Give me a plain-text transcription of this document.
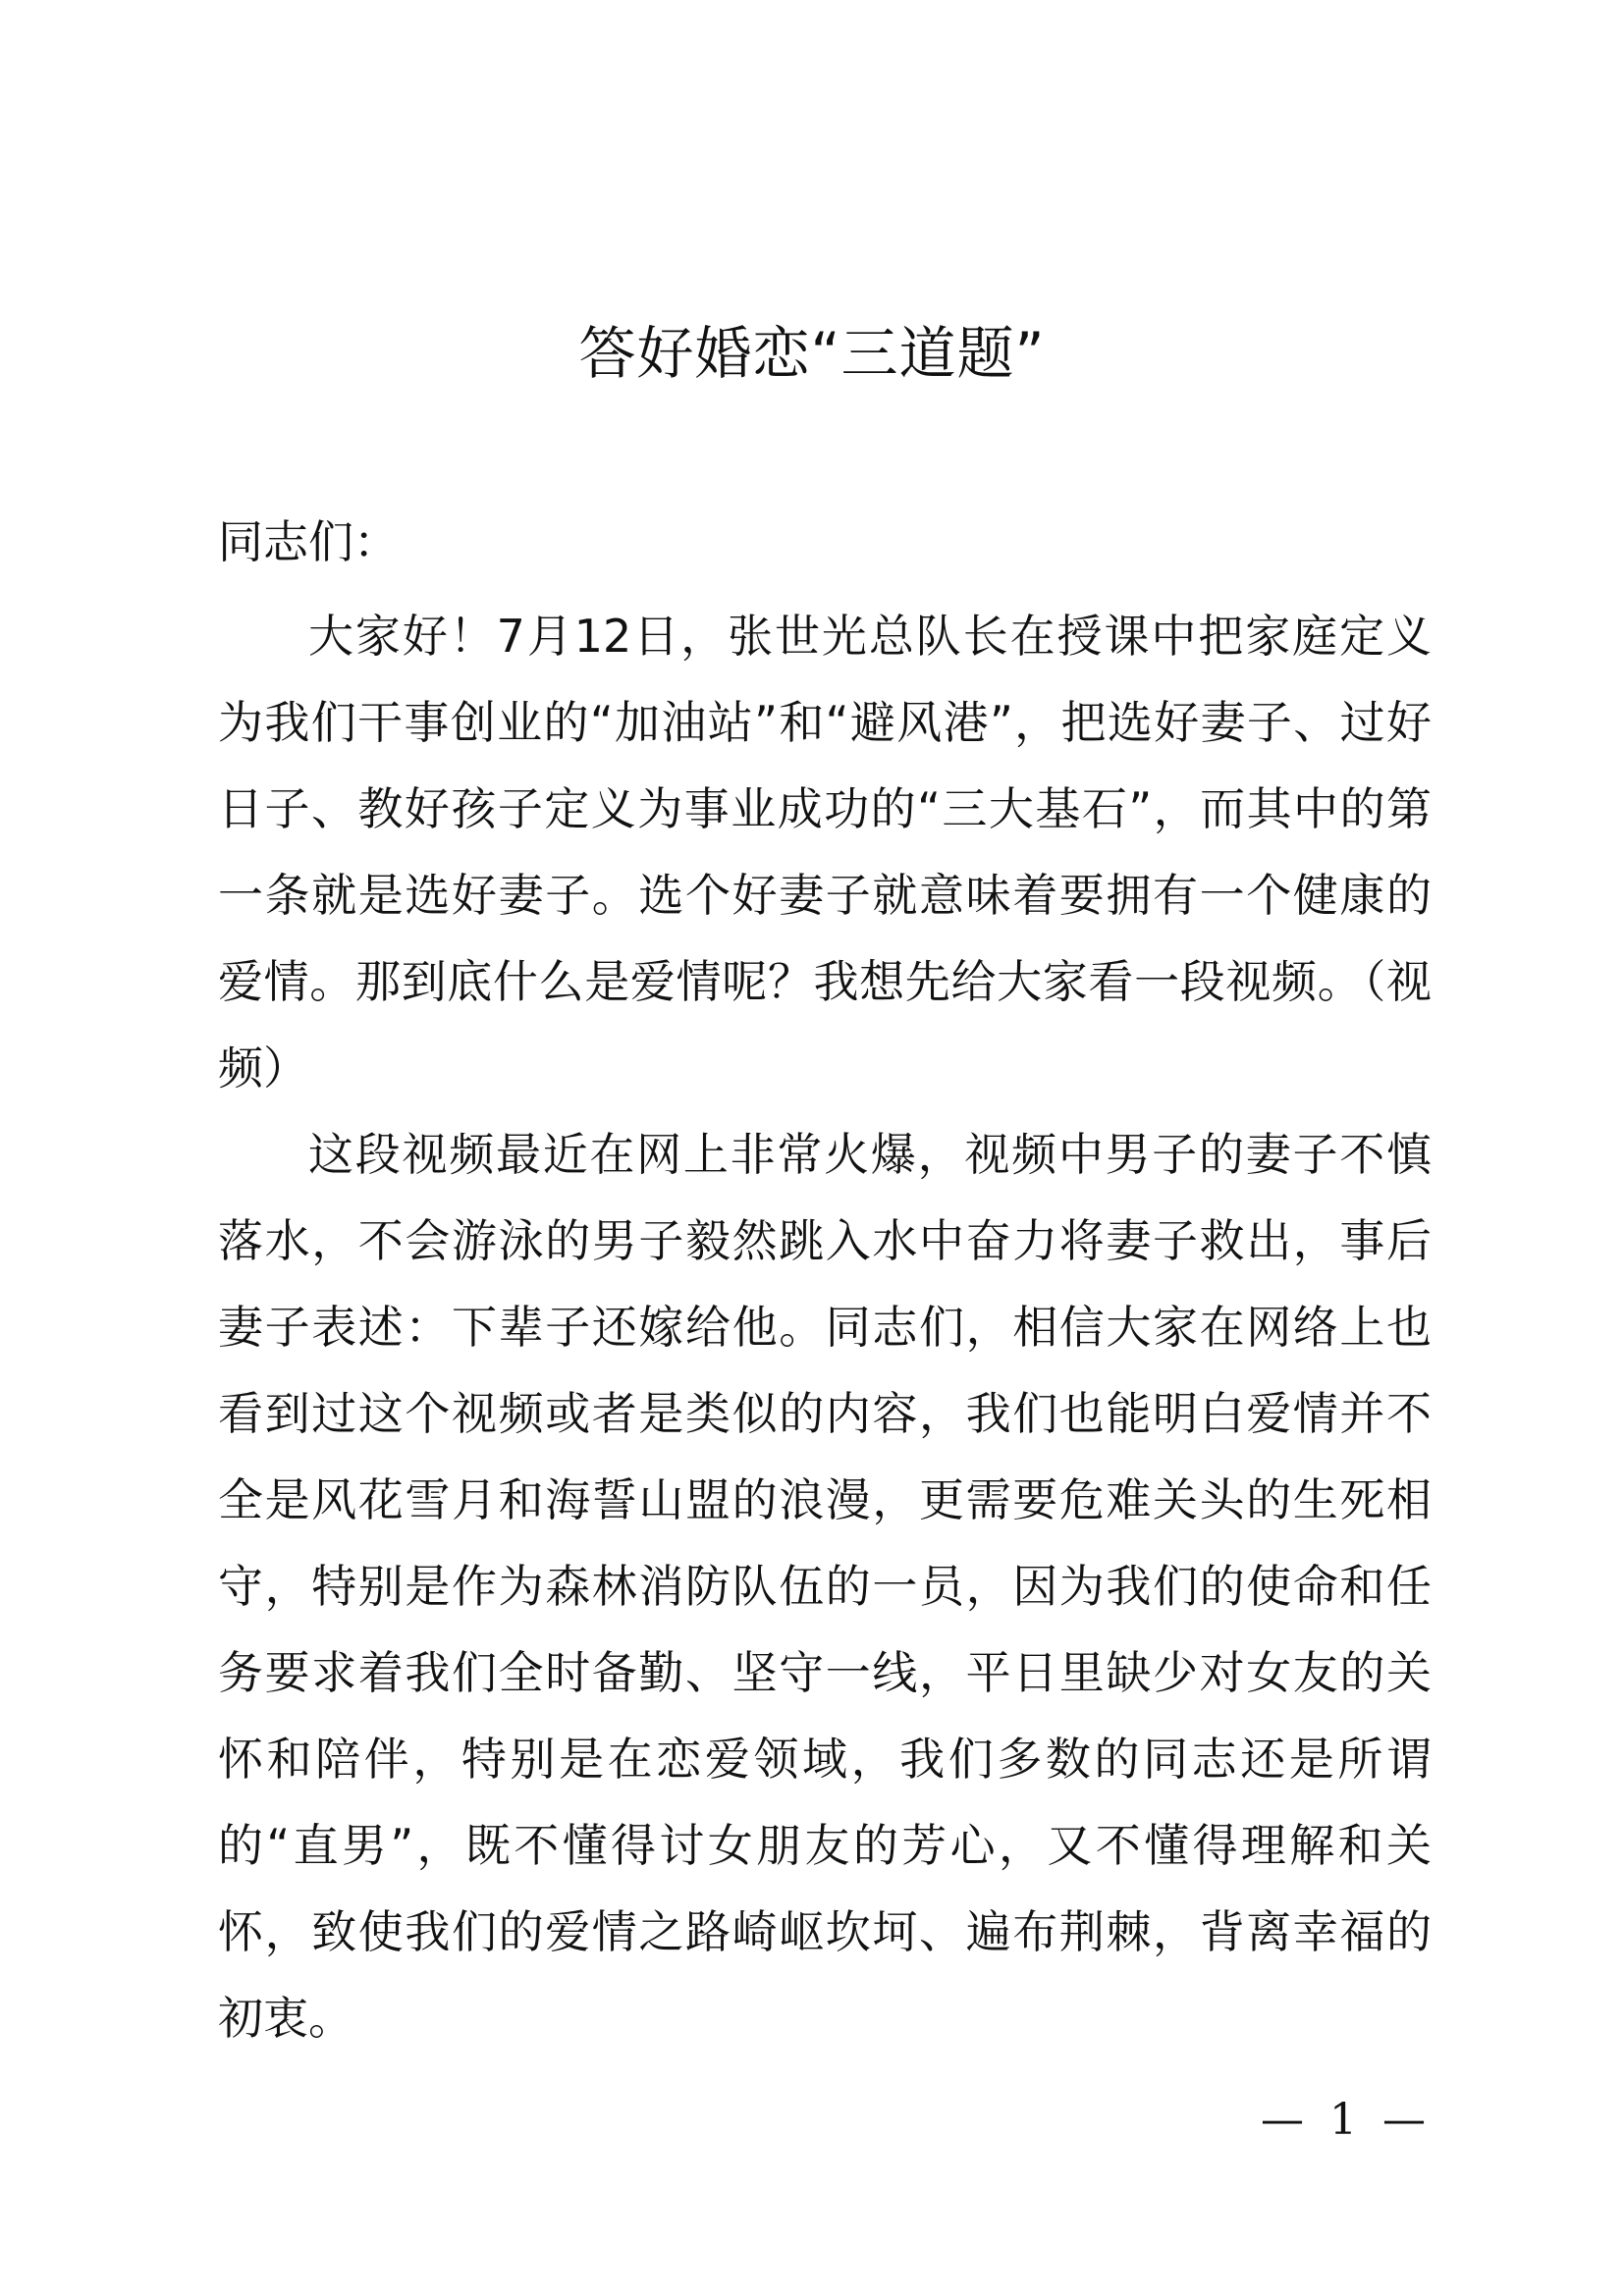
答好婚恋“三道题”

同志们：

大家好！7月12日，张世光总队长在授课中把家庭定义为我们干事创业的“加油站”和“避风港”，把选好妻子、过好日子、教好孩子定义为事业成功的“三大基石”，而其中的第一条就是选好妻子。选个好妻子就意味着要拥有一个健康的爱情。那到底什么是爱情呢？我想先给大家看一段视频。（视频）

这段视频最近在网上非常火爆，视频中男子的妻子不慎落水，不会游泳的男子毅然跳入水中奋力将妻子救出，事后妻子表述：下辈子还嫁给他。同志们，相信大家在网络上也看到过这个视频或者是类似的内容，我们也能明白爱情并不全是风花雪月和海誓山盟的浪漫，更需要危难关头的生死相守，特别是作为森林消防队伍的一员，因为我们的使命和任务要求着我们全时备勤、坚守一线，平日里缺少对女友的关怀和陪伴，特别是在恋爱领域，我们多数的同志还是所谓的“直男”，既不懂得讨女朋友的芳心，又不懂得理解和关怀，致使我们的爱情之路崎岖坎坷、遍布荆棘，背离幸福的初衷。

— 1 —
